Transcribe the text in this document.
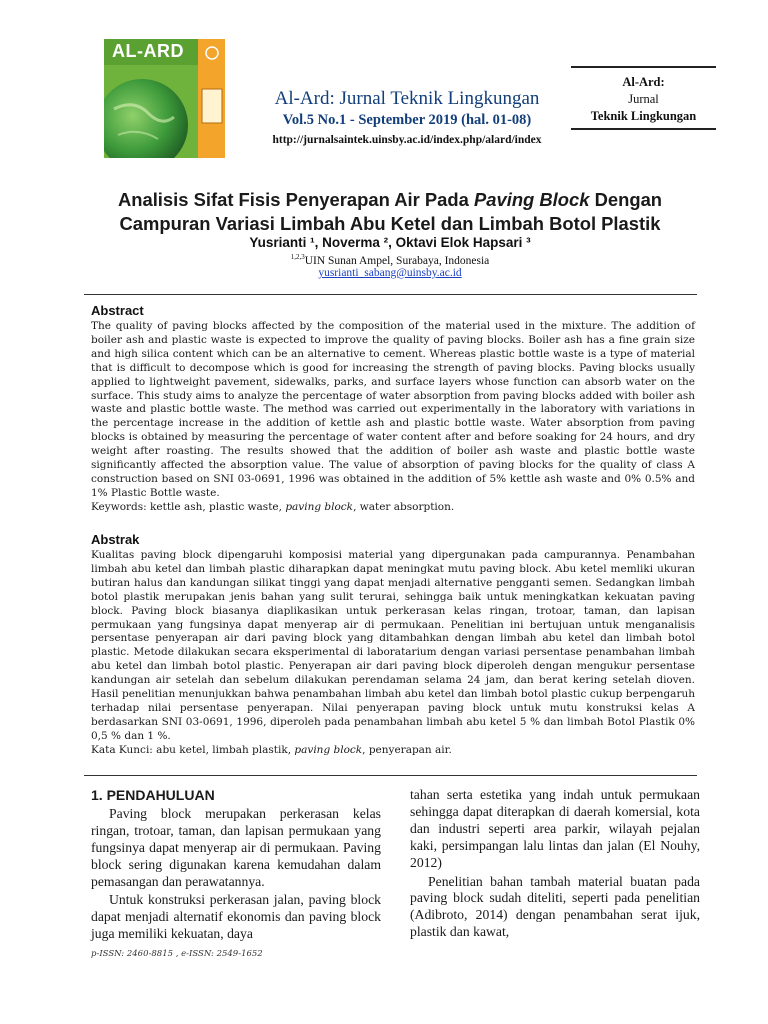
AL-ARD
Al-Ard: Jurnal Teknik Lingkungan
Vol.5 No.1 - September 2019 (hal. 01-08)
http://jurnalsaintek.uinsby.ac.id/index.php/alard/index
Al-Ard:
Jurnal
Teknik Lingkungan
Analisis Sifat Fisis Penyerapan Air Pada Paving Block Dengan
Campuran Variasi Limbah Abu Ketel dan Limbah Botol Plastik
Yusrianti ¹, Noverma ², Oktavi Elok Hapsari ³
$^{1,2,3}$UIN Sunan Ampel, Surabaya, Indonesia
yusrianti_sabang@uinsby.ac.id
Abstract
The quality of paving blocks affected by the composition of the material used in the mixture. The addition of boiler ash and plastic waste is expected to improve the quality of paving blocks. Boiler ash has a fine grain size and high silica content which can be an alternative to cement. Whereas plastic bottle waste is a type of material that is difficult to decompose which is good for increasing the strength of paving blocks. Paving blocks usually applied to lightweight pavement, sidewalks, parks, and surface layers whose function can absorb water on the surface. This study aims to analyze the percentage of water absorption from paving blocks added with boiler ash waste and plastic bottle waste. The method was carried out experimentally in the laboratory with variations in the percentage increase in the addition of kettle ash and plastic bottle waste. Water absorption from paving blocks is obtained by measuring the percentage of water content after and before soaking for 24 hours, and dry weight after roasting. The results showed that the addition of boiler ash waste and plastic bottle waste significantly affected the absorption value. The value of absorption of paving blocks for the quality of class A construction based on SNI 03-0691, 1996 was obtained in the addition of 5% kettle ash waste and 0% 0.5% and 1% Plastic Bottle waste.
Keywords: kettle ash, plastic waste, paving block, water absorption.
Abstrak
Kualitas paving block dipengaruhi komposisi material yang dipergunakan pada campurannya. Penambahan limbah abu ketel dan limbah plastic diharapkan dapat meningkat mutu paving block. Abu ketel memliki ukuran butiran halus dan kandungan silikat tinggi yang dapat menjadi alternative pengganti semen. Sedangkan limbah botol plastik merupakan jenis bahan yang sulit terurai, sehingga baik untuk meningkatkan kekuatan paving block. Paving block biasanya diaplikasikan untuk perkerasan kelas ringan, trotoar, taman, dan lapisan permukaan yang fungsinya dapat menyerap air di permukaan. Penelitian ini bertujuan untuk menganalisis persentase penyerapan air dari paving block yang ditambahkan dengan limbah abu ketel dan limbah botol plastic. Metode dilakukan secara eksperimental di laboratarium dengan variasi persentase penambahan limbah abu ketel dan limbah botol plastic. Penyerapan air dari paving block diperoleh dengan mengukur persentase kandungan air setelah dan sebelum dilakukan perendaman selama 24 jam, dan berat kering setelah dioven. Hasil penelitian menunjukkan bahwa penambahan limbah abu ketel dan limbah botol plastic cukup berpengaruh terhadap nilai persentase penyerapan. Nilai penyerapan paving block untuk mutu konstruksi kelas A berdasarkan SNI 03-0691, 1996, diperoleh pada penambahan limbah abu ketel 5 % dan limbah Botol Plastik 0% 0,5 % dan 1 %.
Kata Kunci: abu ketel, limbah plastik, paving block, penyerapan air.
1. PENDAHULUAN

Paving block merupakan perkerasan kelas ringan, trotoar, taman, dan lapisan permukaan yang fungsinya dapat menyerap air di permukaan. Paving block sering digunakan karena kemudahan dalam pemasangan dan perawatannya.

Untuk konstruksi perkerasan jalan, paving block dapat menjadi alternatif ekonomis dan paving block juga memiliki kekuatan, daya

tahan serta estetika yang indah untuk permukaan sehingga dapat diterapkan di daerah komersial, kota dan industri seperti area parkir, wilayah pejalan kaki, persimpangan lalu lintas dan jalan (El Nouhy, 2012)

Penelitian bahan tambah material buatan pada paving block sudah diteliti, seperti pada penelitian (Adibroto, 2014) dengan penambahan serat ijuk, plastik dan kawat,

p-ISSN: 2460-8815 , e-ISSN: 2549-1652
